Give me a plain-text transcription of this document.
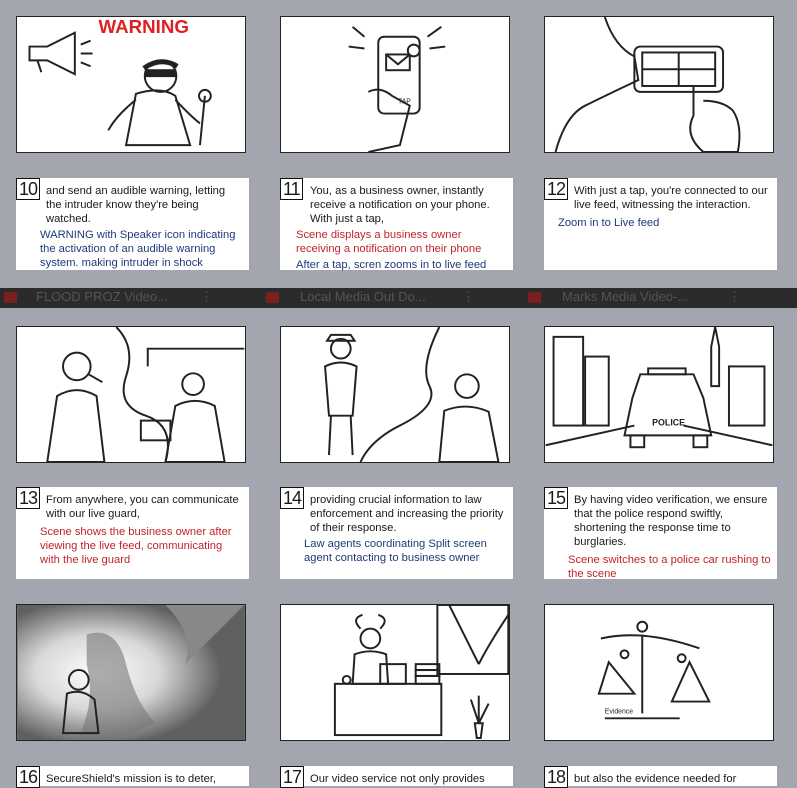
WARNING
TAP
10 and send an audible warning, letting the intruder know they're being watched.

WARNING with Speaker icon indicating the activation of an audible warning system. making intruder in shock

11 You, as a business owner, instantly receive a notification on your phone. With just a tap,

Scene displays a business owner receiving a notification on their phone

After a tap, scren zooms in to live feed

12 With just a tap, you're connected to our live feed, witnessing the interaction.

Zoom in to Live feed

FLOOD PROZ Video... ⋮	Local Media Out Do...	⋮	Marks Media Video-...	⋮
POLICE
13 From anywhere, you can communicate with our live guard,

Scene shows the business owner after viewing the live feed, communicating with the live guard

14 providing crucial information to law enforcement and increasing the priority of their response.

Law agents coordinating Split screen agent contacting to business owner

15 By having video verification, we ensure that the police respond swiftly, shortening the response time to burglaries.

Scene switches to a police car rushing to the scene

Evidence
16 SecureShield's mission is to deter,	17 Our video service not only provides	18 but also the evidence needed for
